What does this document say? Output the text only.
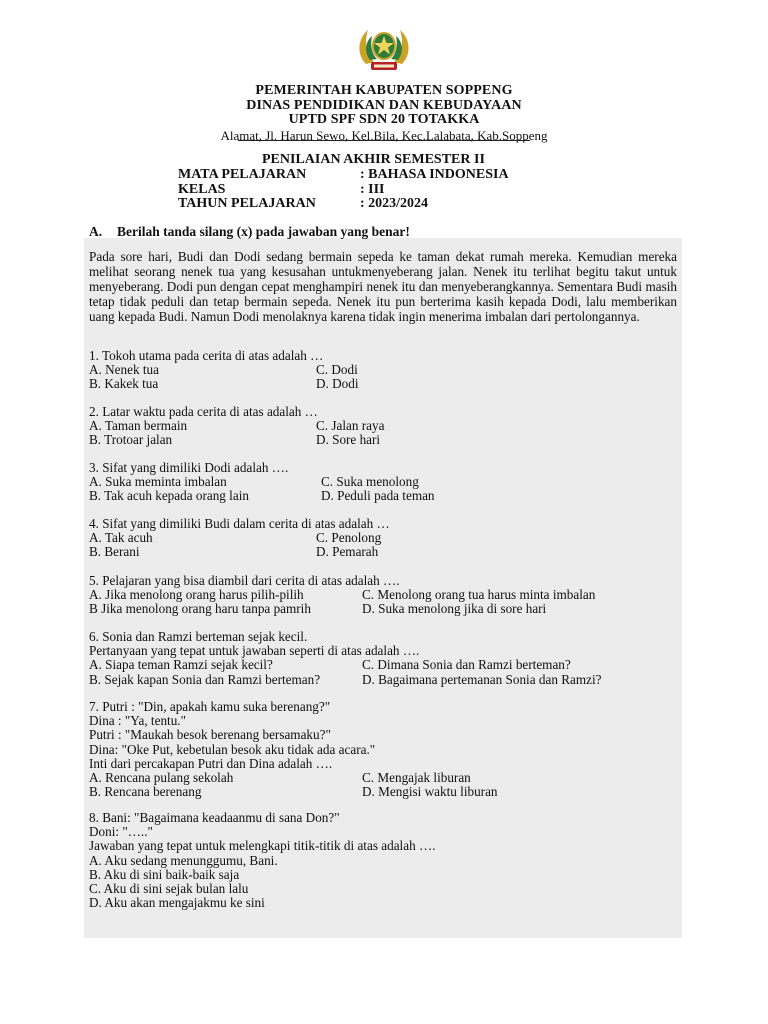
PEMERINTAH KABUPATEN SOPPENG
DINAS PENDIDIKAN DAN KEBUDAYAAN
UPTD SPF SDN 20 TOTAKKA
Alamat, Jl. Harun Sewo, Kel.Bila, Kec.Lalabata, Kab.Soppeng
PENILAIAN AKHIR SEMESTER II
MATA PELAJARAN	: BAHASA INDONESIA
KELAS	: III
TAHUN PELAJARAN	: 2023/2024
A. Berilah tanda silang (x) pada jawaban yang benar!
Pada sore hari, Budi dan Dodi sedang bermain sepeda ke taman dekat rumah mereka. Kemudian mereka melihat seorang nenek tua yang kesusahan untukmenyeberang jalan. Nenek itu terlihat begitu takut untuk menyeberang. Dodi pun dengan cepat menghampiri nenek itu dan menyeberangkannya. Sementara Budi masih tetap tidak peduli dan tetap bermain sepeda. Nenek itu pun berterima kasih kepada Dodi, lalu memberikan uang kepada Budi. Namun Dodi menolaknya karena tidak ingin menerima imbalan dari pertolongannya.
1. Tokoh utama pada cerita di atas adalah …
A. Nenek tua	C. Dodi
B. Kakek tua	D. Dodi
2. Latar waktu pada cerita di atas adalah …
A. Taman bermain	C. Jalan raya
B. Trotoar jalan	D. Sore hari
3. Sifat yang dimiliki Dodi adalah ….
A. Suka meminta imbalan	C. Suka menolong
B. Tak acuh kepada orang lain	D. Peduli pada teman
4. Sifat yang dimiliki Budi dalam cerita di atas adalah …
A. Tak acuh	C. Penolong
B. Berani	D. Pemarah
5. Pelajaran yang bisa diambil dari cerita di atas adalah ….
A. Jika menolong orang harus pilih-pilih	C. Menolong orang tua harus minta imbalan
B Jika menolong orang haru tanpa pamrih	D. Suka menolong jika di sore hari
6. Sonia dan Ramzi berteman sejak kecil.
Pertanyaan yang tepat untuk jawaban seperti di atas adalah ….
A. Siapa teman Ramzi sejak kecil?	C. Dimana Sonia dan Ramzi berteman?
B. Sejak kapan Sonia dan Ramzi berteman?	D. Bagaimana pertemanan Sonia dan Ramzi?
7. Putri : "Din, apakah kamu suka berenang?"
Dina : "Ya, tentu."
Putri : "Maukah besok berenang bersamaku?"
Dina: "Oke Put, kebetulan besok aku tidak ada acara."
Inti dari percakapan Putri dan Dina adalah ….
A. Rencana pulang sekolah	C. Mengajak liburan
B. Rencana berenang	D. Mengisi waktu liburan
8. Bani: "Bagaimana keadaanmu di sana Don?"
Doni: "….."
Jawaban yang tepat untuk melengkapi titik-titik di atas adalah ….
A. Aku sedang menunggumu, Bani.
B. Aku di sini baik-baik saja
C. Aku di sini sejak bulan lalu
D. Aku akan mengajakmu ke sini
